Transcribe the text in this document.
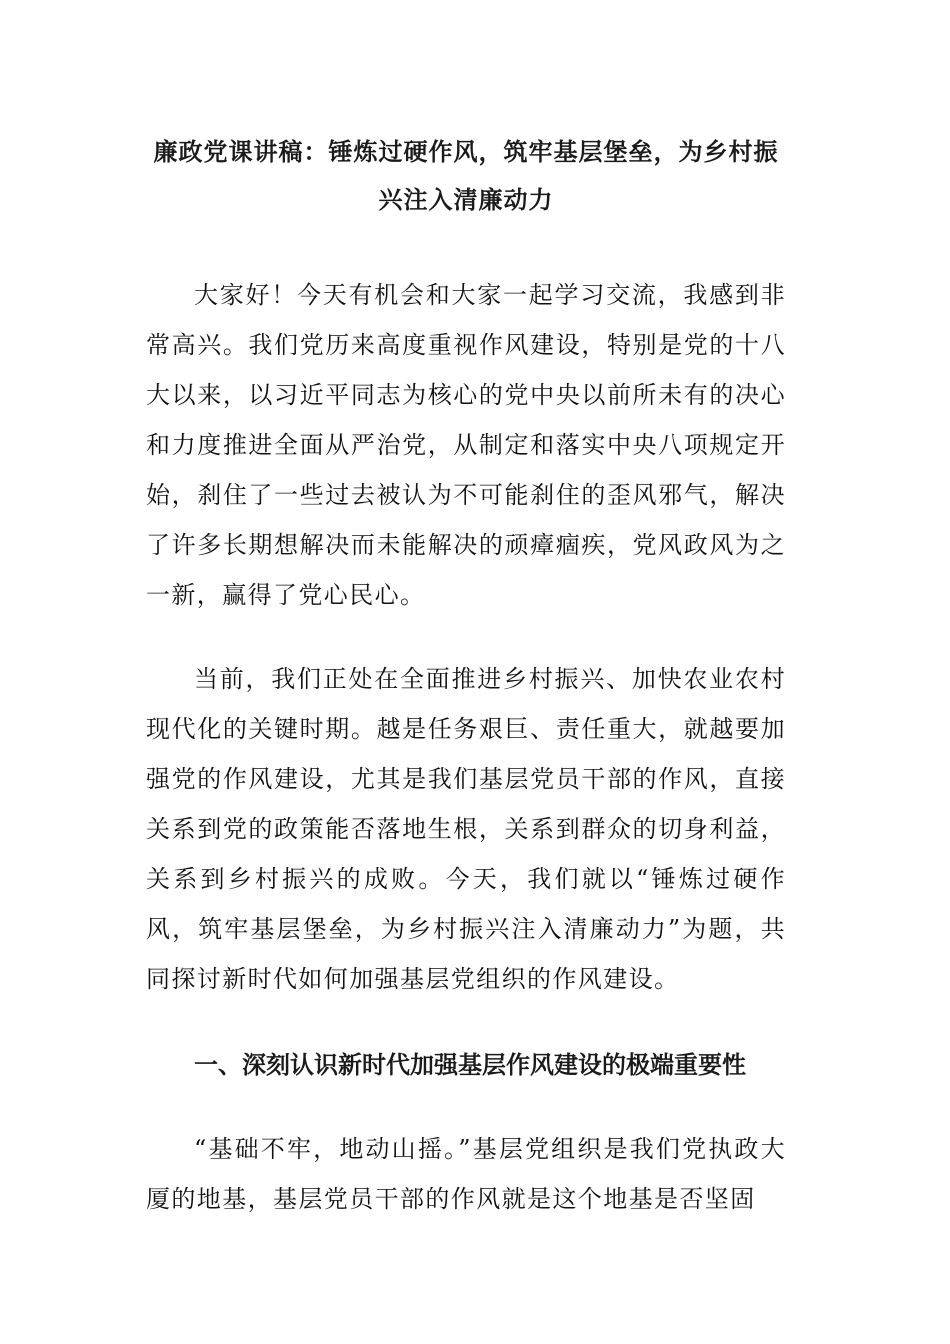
廉政党课讲稿：锤炼过硬作风，筑牢基层堡垒，为乡村振兴注入清廉动力

大家好！今天有机会和大家一起学习交流，我感到非常高兴。我们党历来高度重视作风建设，特别是党的十八大以来，以习近平同志为核心的党中央以前所未有的决心和力度推进全面从严治党，从制定和落实中央八项规定开始，刹住了一些过去被认为不可能刹住的歪风邪气，解决了许多长期想解决而未能解决的顽瘴痼疾，党风政风为之一新，赢得了党心民心。

当前，我们正处在全面推进乡村振兴、加快农业农村现代化的关键时期。越是任务艰巨、责任重大，就越要加强党的作风建设，尤其是我们基层党员干部的作风，直接关系到党的政策能否落地生根，关系到群众的切身利益，关系到乡村振兴的成败。今天，我们就以“锤炼过硬作风，筑牢基层堡垒，为乡村振兴注入清廉动力”为题，共同探讨新时代如何加强基层党组织的作风建设。

一、深刻认识新时代加强基层作风建设的极端重要性

“基础不牢，地动山摇。”基层党组织是我们党执政大厦的地基，基层党员干部的作风就是这个地基是否坚固
